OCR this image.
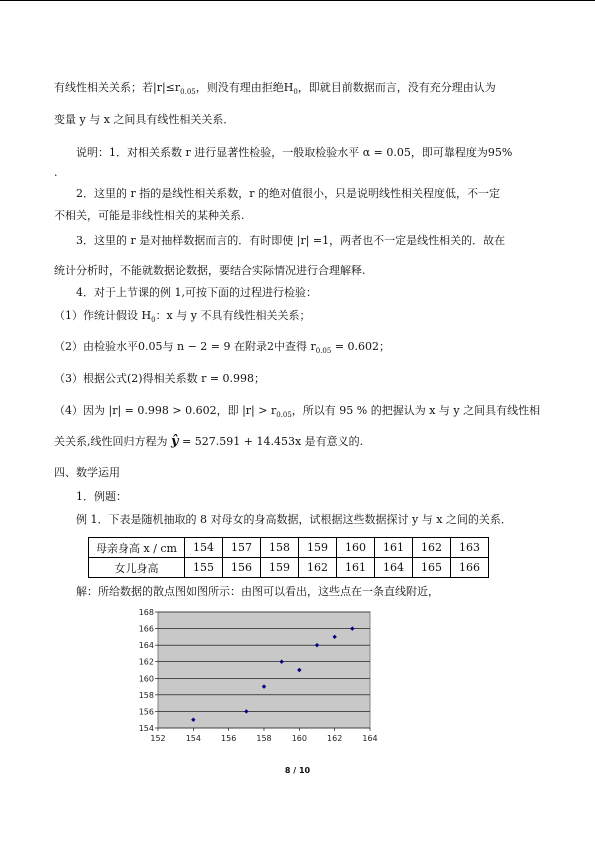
有线性相关关系；若$|r|\le r_{0.05}$，则没有理由拒绝$H_0$，即就目前数据而言，没有充分理由认为
变量 y 与 x 之间具有线性相关关系．
说明：1．对相关系数 r 进行显著性检验，一般取检验水平 α = 0.05，即可靠程度为95%
.
2．这里的 r 指的是线性相关系数，r 的绝对值很小，只是说明线性相关程度低，不一定
不相关，可能是非线性相关的某种关系.
3．这里的 r 是对抽样数据而言的．有时即使 |r| =1，两者也不一定是线性相关的．故在
统计分析时，不能就数据论数据，要结合实际情况进行合理解释.
4．对于上节课的例 1,可按下面的过程进行检验：
（1）作统计假设 $H_0$：x 与 y 不具有线性相关关系；
（2）由检验水平0.05与 n − 2 = 9 在附录2中查得 $r_{0.05} = 0.602$；
（3）根据公式(2)得相关系数 r = 0.998；
（4）因为 |r| = 0.998 > 0.602，即 $|r| > r_{0.05}$，所以有 95 % 的把握认为 x 与 y 之间具有线性相
关关系,线性回归方程为 ŷ = 527.591 + 14.453x 是有意义的.
四、数学运用
1．例题：
例 1．下表是随机抽取的 8 对母女的身高数据，试根据这些数据探讨 y 与 x 之间的关系．
母亲身高 x / cm	154	157	158	159	160	161	162	163
女儿身高	155	156	159	162	161	164	165	166
解：所给数据的散点图如图所示：由图可以看出，这些点在一条直线附近，
154
156
158
160
162
164
166
168
152	154	156	158	160	162	164
8 / 10
